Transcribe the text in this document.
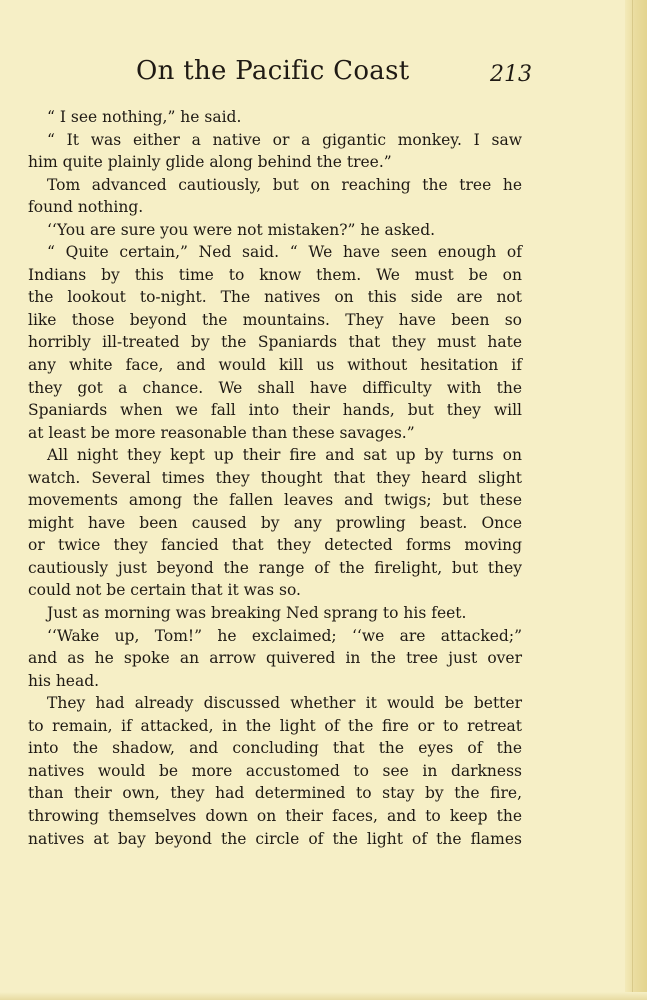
On the Pacific Coast	213
“ I see nothing,” he said.
“ It was either a native or a gigantic monkey. I saw
him quite plainly glide along behind the tree.”
Tom advanced cautiously, but on reaching the tree he
found nothing.
‘‘You are sure you were not mistaken?” he asked.
“ Quite certain,” Ned said. “ We have seen enough of
Indians by this time to know them. We must be on
the lookout to-night. The natives on this side are not
like those beyond the mountains. They have been so
horribly ill-treated by the Spaniards that they must hate
any white face, and would kill us without hesitation if
they got a chance. We shall have difficulty with the
Spaniards when we fall into their hands, but they will
at least be more reasonable than these savages.”
All night they kept up their fire and sat up by turns on
watch. Several times they thought that they heard slight
movements among the fallen leaves and twigs; but these
might have been caused by any prowling beast. Once
or twice they fancied that they detected forms moving
cautiously just beyond the range of the firelight, but they
could not be certain that it was so.
Just as morning was breaking Ned sprang to his feet.
‘‘Wake up, Tom!” he exclaimed; ‘‘we are attacked;”
and as he spoke an arrow quivered in the tree just over
his head.
They had already discussed whether it would be better
to remain, if attacked, in the light of the fire or to retreat
into the shadow, and concluding that the eyes of the
natives would be more accustomed to see in darkness
than their own, they had determined to stay by the fire,
throwing themselves down on their faces, and to keep the
natives at bay beyond the circle of the light of the flames
